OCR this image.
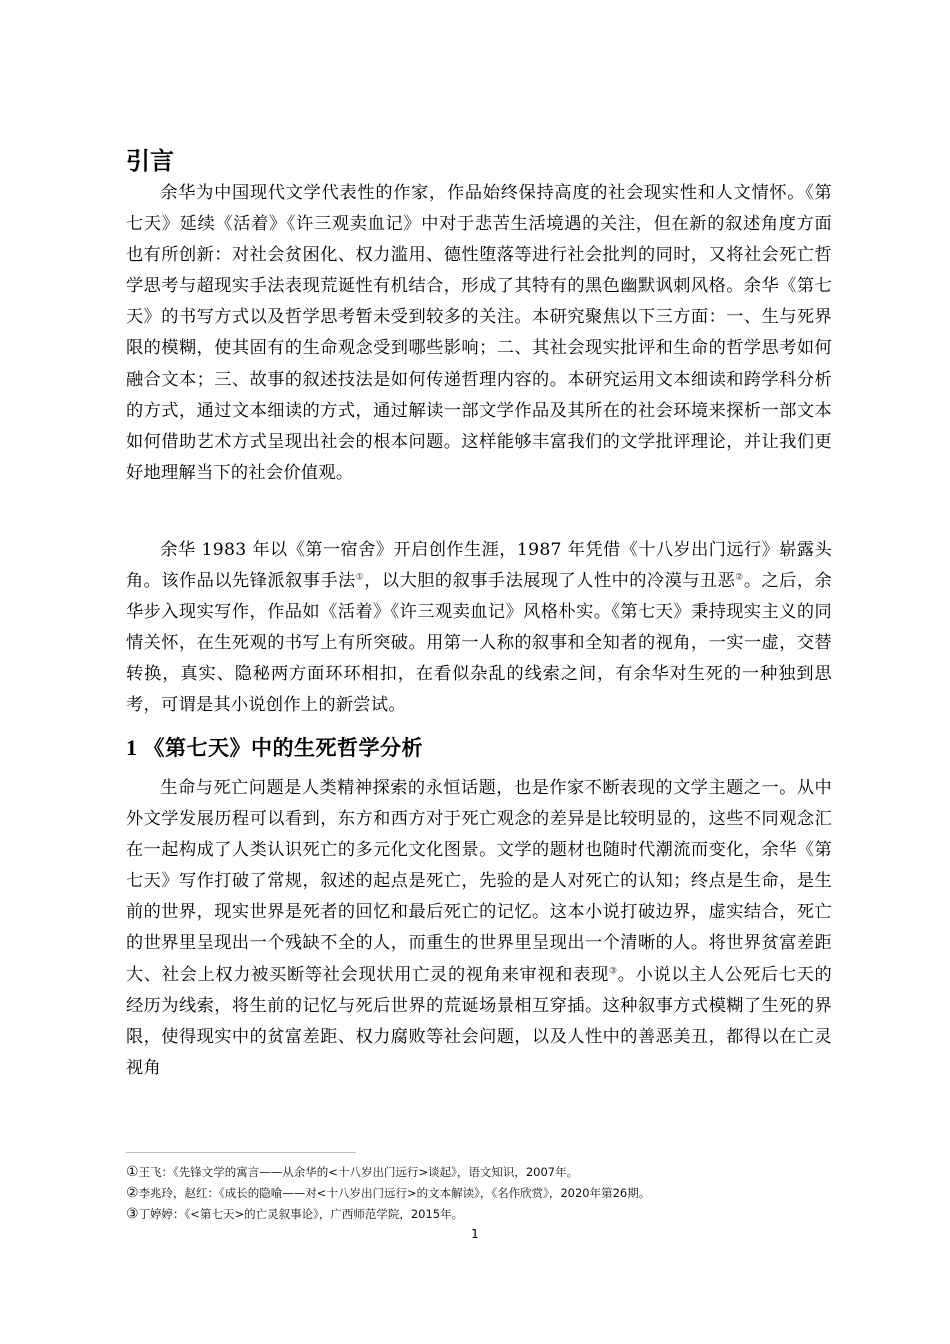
引言

余华为中国现代文学代表性的作家，作品始终保持高度的社会现实性和人文情怀。《第七天》延续《活着》《许三观卖血记》中对于悲苦生活境遇的关注，但在新的叙述角度方面也有所创新：对社会贫困化、权力滥用、德性堕落等进行社会批判的同时，又将社会死亡哲学思考与超现实手法表现荒诞性有机结合，形成了其特有的黑色幽默讽刺风格。余华《第七天》的书写方式以及哲学思考暂未受到较多的关注。本研究聚焦以下三方面：一、生与死界限的模糊，使其固有的生命观念受到哪些影响；二、其社会现实批评和生命的哲学思考如何融合文本；三、故事的叙述技法是如何传递哲理内容的。本研究运用文本细读和跨学科分析的方式，通过文本细读的方式，通过解读一部文学作品及其所在的社会环境来探析一部文本如何借助艺术方式呈现出社会的根本问题。这样能够丰富我们的文学批评理论，并让我们更好地理解当下的社会价值观。

余华 1983 年以《第一宿舍》开启创作生涯，1987 年凭借《十八岁出门远行》崭露头角。该作品以先锋派叙事手法①，以大胆的叙事手法展现了人性中的冷漠与丑恶②。之后，余华步入现实写作，作品如《活着》《许三观卖血记》风格朴实。《第七天》秉持现实主义的同情关怀，在生死观的书写上有所突破。用第一人称的叙事和全知者的视角，一实一虚，交替转换，真实、隐秘两方面环环相扣，在看似杂乱的线索之间，有余华对生死的一种独到思考，可谓是其小说创作上的新尝试。

1 《第七天》中的生死哲学分析

生命与死亡问题是人类精神探索的永恒话题，也是作家不断表现的文学主题之一。从中外文学发展历程可以看到，东方和西方对于死亡观念的差异是比较明显的，这些不同观念汇在一起构成了人类认识死亡的多元化文化图景。文学的题材也随时代潮流而变化，余华《第七天》写作打破了常规，叙述的起点是死亡，先验的是人对死亡的认知；终点是生命，是生前的世界，现实世界是死者的回忆和最后死亡的记忆。这本小说打破边界，虚实结合，死亡的世界里呈现出一个残缺不全的人，而重生的世界里呈现出一个清晰的人。将世界贫富差距大、社会上权力被买断等社会现状用亡灵的视角来审视和表现③。小说以主人公死后七天的经历为线索，将生前的记忆与死后世界的荒诞场景相互穿插。这种叙事方式模糊了生死的界限，使得现实中的贫富差距、权力腐败等社会问题，以及人性中的善恶美丑，都得以在亡灵视角

①王飞：《先锋文学的寓言——从余华的<十八岁出门远行>谈起》，语文知识，2007年。
②李兆玲，赵红：《成长的隐喻——对<十八岁出门远行>的文本解读》，《名作欣赏》，2020年第26期。
③丁婷婷：《<第七天>的亡灵叙事论》，广西师范学院，2015年。
1
